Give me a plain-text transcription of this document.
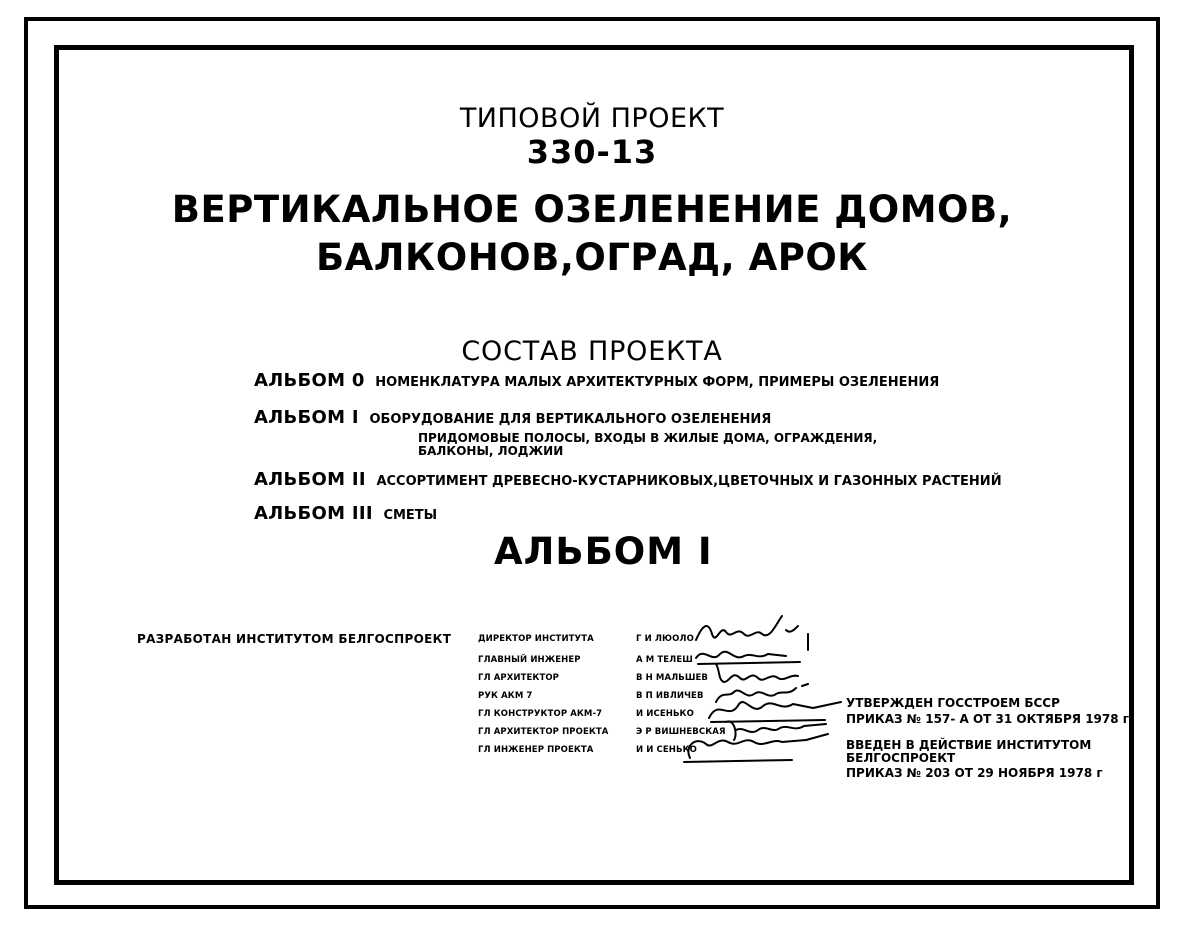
ТИПОВОЙ ПРОЕКТ
330-13
ВЕРТИКАЛЬНОЕ ОЗЕЛЕНЕНИЕ ДОМОВ,
БАЛКОНОВ,ОГРАД, АРОК
СОСТАВ ПРОЕКТА
АЛЬБОМ 0 НОМЕНКЛАТУРА МАЛЫХ АРХИТЕКТУРНЫХ ФОРМ, ПРИМЕРЫ ОЗЕЛЕНЕНИЯ
АЛЬБОМ I ОБОРУДОВАНИЕ ДЛЯ ВЕРТИКАЛЬНОГО ОЗЕЛЕНЕНИЯ
ПРИДОМОВЫЕ ПОЛОСЫ, ВХОДЫ В ЖИЛЫЕ ДОМА, ОГРАЖДЕНИЯ,
БАЛКОНЫ, ЛОДЖИИ
АЛЬБОМ II АССОРТИМЕНТ ДРЕВЕСНО-КУСТАРНИКОВЫХ,ЦВЕТОЧНЫХ И ГАЗОННЫХ РАСТЕНИЙ
АЛЬБОМ III СМЕТЫ
АЛЬБОМ I
РАЗРАБОТАН ИНСТИТУТОМ БЕЛГОСПРОЕКТ	ДИРЕКТОР ИНСТИТУТА
ГЛАВНЫЙ ИНЖЕНЕР
ГЛ АРХИТЕКТОР
РУК АКМ 7
ГЛ КОНСТРУКТОР АКМ-7
ГЛ АРХИТЕКТОР ПРОЕКТА
ГЛ ИНЖЕНЕР ПРОЕКТА
Г И ЛЮОЛО
А М ТЕЛЕШ
В Н МАЛЬШЕВ
В П ИВЛИЧЕВ
И ИСЕНЬКО
Э Р ВИШНЕВСКАЯ
И И СЕНЬКО
УТВЕРЖДЕН ГОССТРОЕМ БССР
ПРИКАЗ № 157- А ОТ 31 ОКТЯБРЯ 1978 г
ВВЕДЕН В ДЕЙСТВИЕ ИНСТИТУТОМ
БЕЛГОСПРОЕКТ
ПРИКАЗ № 203 ОТ 29 НОЯБРЯ 1978 г
